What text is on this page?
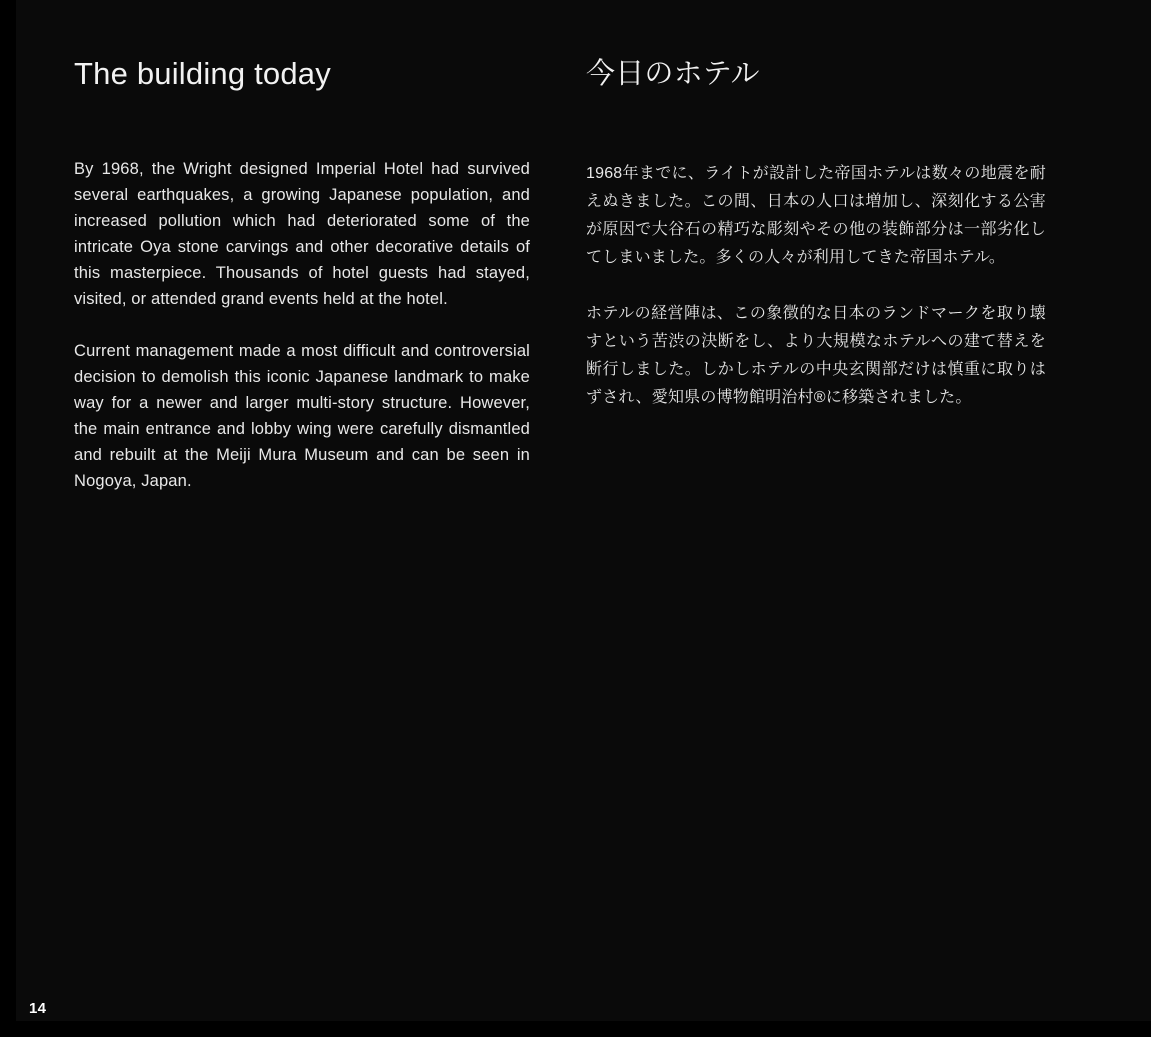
The building today

By 1968, the Wright designed Imperial Hotel had survived several earthquakes, a growing Japanese population, and increased pollution which had deteriorated some of the intricate Oya stone carvings and other decorative details of this masterpiece. Thousands of hotel guests had stayed, visited, or attended grand events held at the hotel.

Current management made a most difficult and controversial decision to demolish this iconic Japanese landmark to make way for a newer and larger multi-story structure. However, the main entrance and lobby wing were carefully dismantled and rebuilt at the Meiji Mura Museum and can be seen in Nogoya, Japan.

今日のホテル

1968年までに、ライトが設計した帝国ホテルは数々の地震を耐えぬきました。この間、日本の人口は増加し、深刻化する公害が原因で大谷石の精巧な彫刻やその他の装飾部分は一部劣化してしまいました。多くの人々が利用してきた帝国ホテル。

ホテルの経営陣は、この象徴的な日本のランドマークを取り壊すという苦渋の決断をし、より大規模なホテルへの建て替えを断行しました。しかしホテルの中央玄関部だけは慎重に取りはずされ、愛知県の博物館明治村®に移築されました。

14
